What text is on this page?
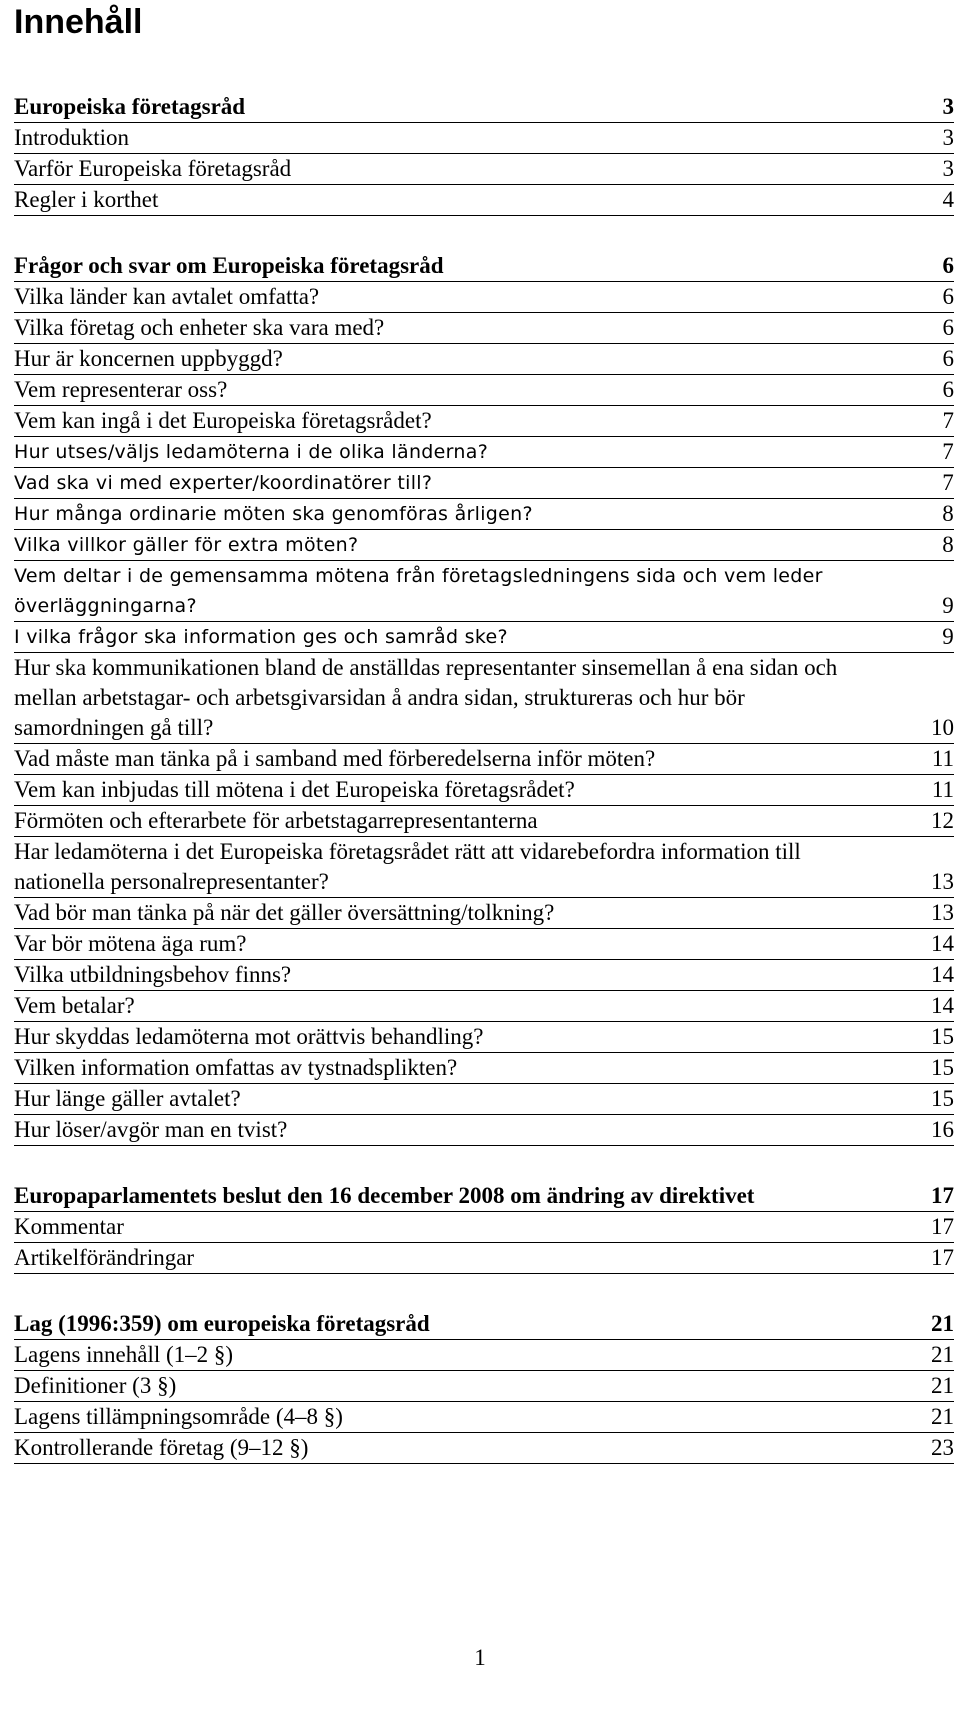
Innehåll
Europeiska företagsråd	3
Introduktion	3
Varför Europeiska företagsråd	3
Regler i korthet	4
Frågor och svar om Europeiska företagsråd	6
Vilka länder kan avtalet omfatta?	6
Vilka företag och enheter ska vara med?	6
Hur är koncernen uppbyggd?	6
Vem representerar oss?	6
Vem kan ingå i det Europeiska företagsrådet?	7
Hur utses/väljs ledamöterna i de olika länderna?	7
Vad ska vi med experter/koordinatörer till?	7
Hur många ordinarie möten ska genomföras årligen?	8
Vilka villkor gäller för extra möten?	8
Vem deltar i de gemensamma mötena från företagsledningens sida och vem leder överläggningarna?	9
I vilka frågor ska information ges och samråd ske?	9
Hur ska kommunikationen bland de anställdas representanter sinsemellan å ena sidan och mellan arbetstagar- och arbetsgivarsidan å andra sidan, struktureras och hur bör samordningen gå till?	10
Vad måste man tänka på i samband med förberedelserna inför möten?	11
Vem kan inbjudas till mötena i det Europeiska företagsrådet?	11
Förmöten och efterarbete för arbetstagarrepresentanterna	12
Har ledamöterna i det Europeiska företagsrådet rätt att vidarebefordra information till nationella personalrepresentanter?	13
Vad bör man tänka på när det gäller översättning/tolkning?	13
Var bör mötena äga rum?	14
Vilka utbildningsbehov finns?	14
Vem betalar?	14
Hur skyddas ledamöterna mot orättvis behandling?	15
Vilken information omfattas av tystnadsplikten?	15
Hur länge gäller avtalet?	15
Hur löser/avgör man en tvist?	16
Europaparlamentets beslut den 16 december 2008 om ändring av direktivet	17
Kommentar	17
Artikelförändringar	17
Lag (1996:359) om europeiska företagsråd	21
Lagens innehåll (1–2 §)	21
Definitioner (3 §)	21
Lagens tillämpningsområde (4–8 §)	21
Kontrollerande företag (9–12 §)	23
1
